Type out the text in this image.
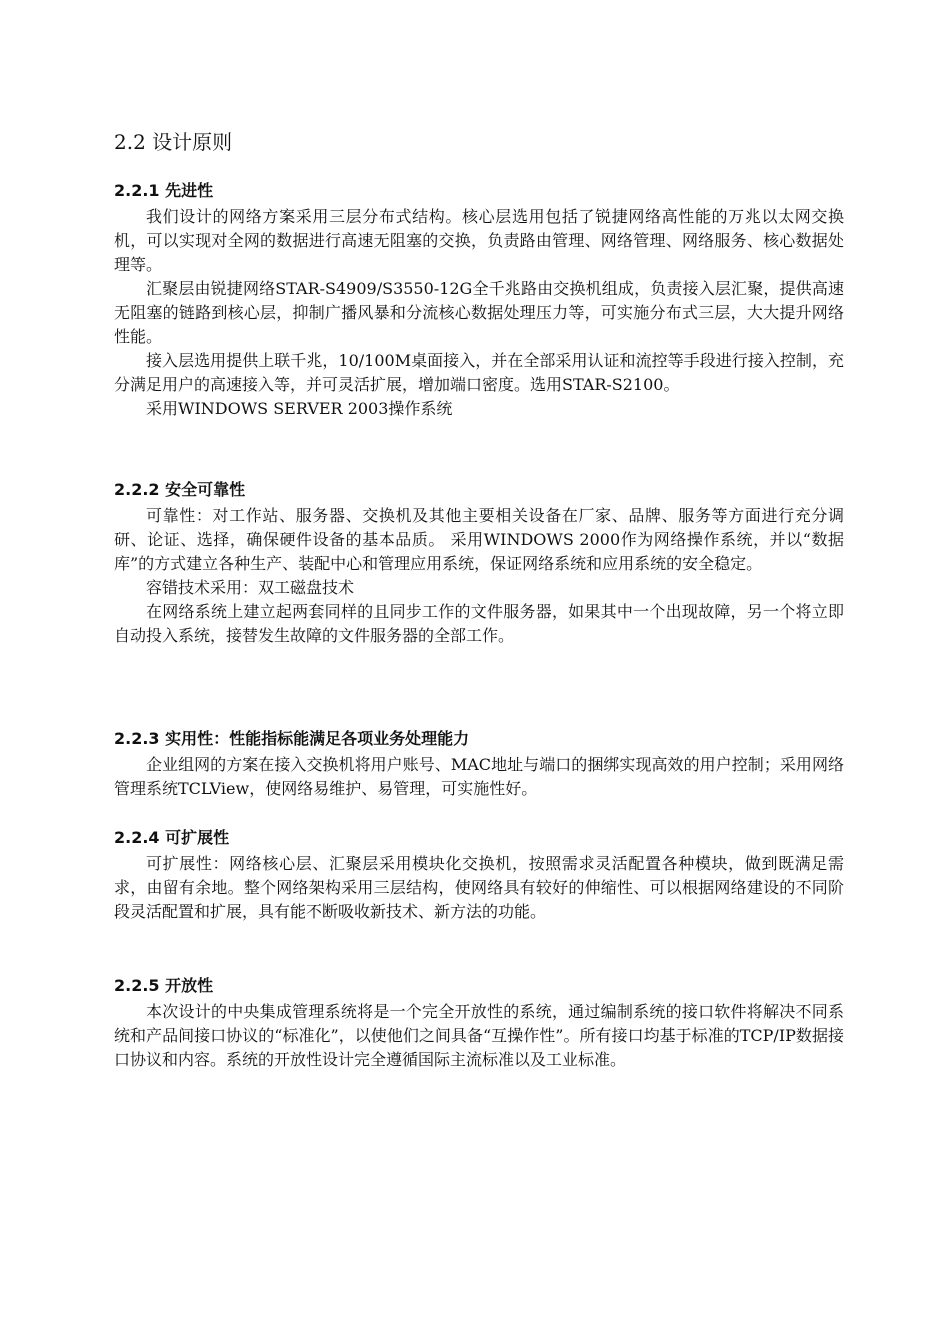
2.2 设计原则
2.2.1 先进性

我们设计的网络方案采用三层分布式结构。核心层选用包括了锐捷网络高性能的万兆以太网交换机，可以实现对全网的数据进行高速无阻塞的交换，负责路由管理、网络管理、网络服务、核心数据处理等。

汇聚层由锐捷网络STAR-S4909/S3550-12G全千兆路由交换机组成，负责接入层汇聚，提供高速无阻塞的链路到核心层，抑制广播风暴和分流核心数据处理压力等，可实施分布式三层，大大提升网络性能。

接入层选用提供上联千兆，10/100M桌面接入，并在全部采用认证和流控等手段进行接入控制，充分满足用户的高速接入等，并可灵活扩展，增加端口密度。选用STAR-S2100。

采用WINDOWS SERVER 2003操作系统

2.2.2 安全可靠性

可靠性：对工作站、服务器、交换机及其他主要相关设备在厂家、品牌、服务等方面进行充分调研、论证、选择，确保硬件设备的基本品质。 采用WINDOWS 2000作为网络操作系统，并以“数据库”的方式建立各种生产、装配中心和管理应用系统，保证网络系统和应用系统的安全稳定。

容错技术采用：双工磁盘技术

在网络系统上建立起两套同样的且同步工作的文件服务器，如果其中一个出现故障，另一个将立即自动投入系统，接替发生故障的文件服务器的全部工作。

2.2.3 实用性：性能指标能满足各项业务处理能力

企业组网的方案在接入交换机将用户账号、MAC地址与端口的捆绑实现高效的用户控制；采用网络管理系统TCLView，使网络易维护、易管理，可实施性好。

2.2.4 可扩展性

可扩展性：网络核心层、汇聚层采用模块化交换机，按照需求灵活配置各种模块，做到既满足需求，由留有余地。整个网络架构采用三层结构，使网络具有较好的伸缩性、可以根据网络建设的不同阶段灵活配置和扩展，具有能不断吸收新技术、新方法的功能。

2.2.5 开放性

本次设计的中央集成管理系统将是一个完全开放性的系统，通过编制系统的接口软件将解决不同系统和产品间接口协议的“标准化”，以使他们之间具备“互操作性”。所有接口均基于标准的TCP/IP数据接口协议和内容。系统的开放性设计完全遵循国际主流标准以及工业标准。
